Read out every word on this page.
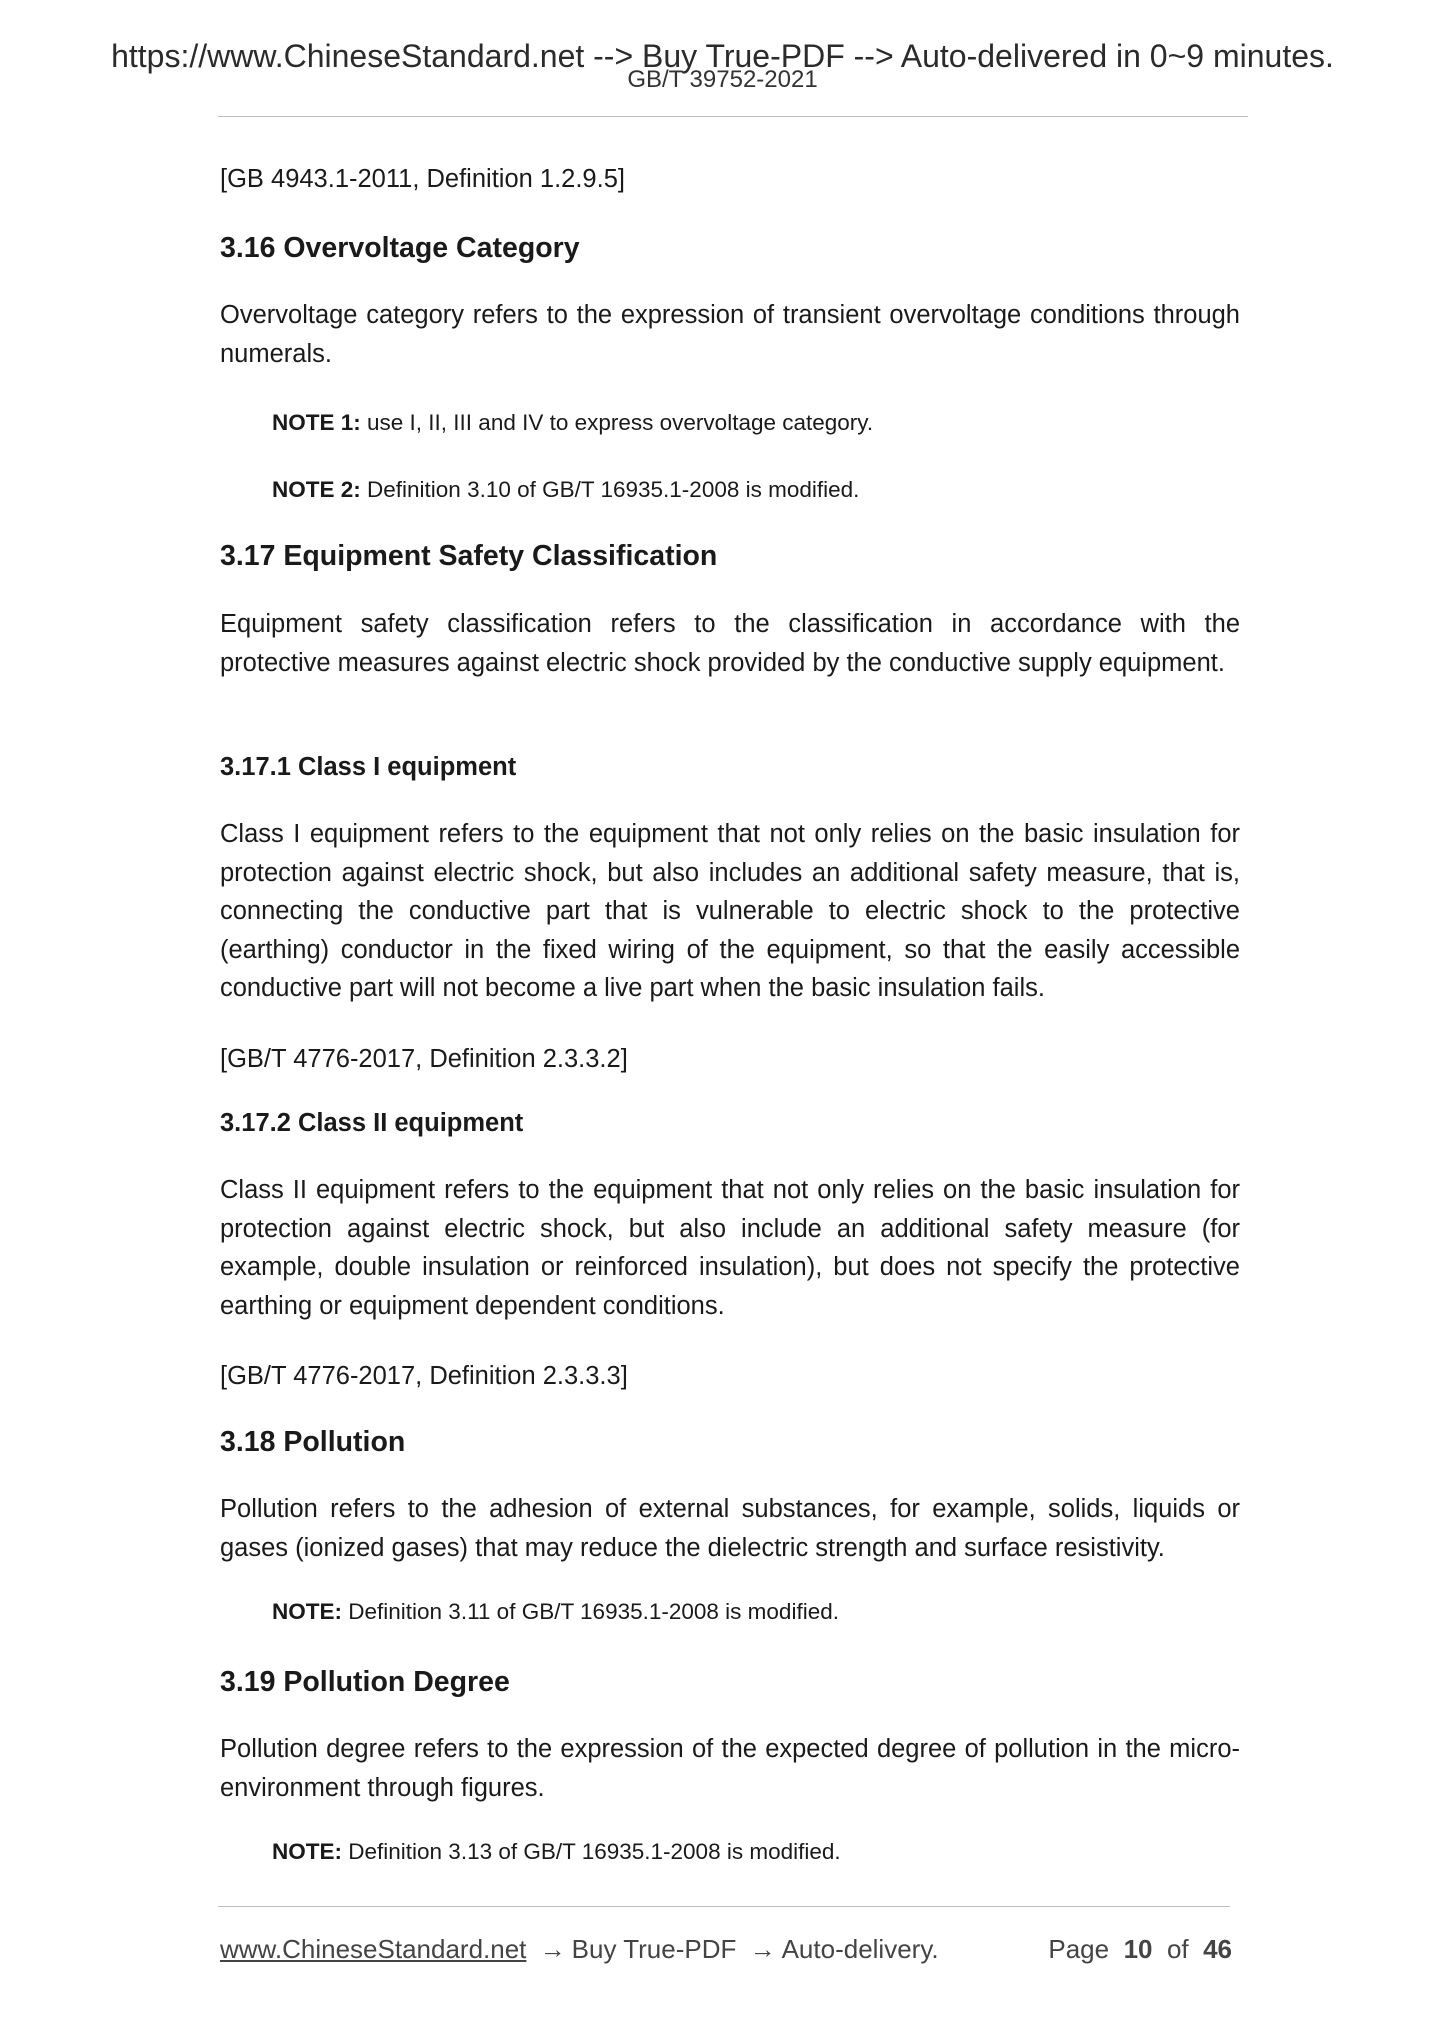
https://www.ChineseStandard.net --> Buy True-PDF --> Auto-delivered in 0~9 minutes.
GB/T 39752-2021

[GB 4943.1-2011, Definition 1.2.9.5]

3.16 Overvoltage Category

Overvoltage category refers to the expression of transient overvoltage conditions through numerals.

NOTE 1: use I, II, III and IV to express overvoltage category.
NOTE 2: Definition 3.10 of GB/T 16935.1-2008 is modified.
3.17 Equipment Safety Classification

Equipment safety classification refers to the classification in accordance with the protective measures against electric shock provided by the conductive supply equipment.

3.17.1 Class I equipment

Class I equipment refers to the equipment that not only relies on the basic insulation for protection against electric shock, but also includes an additional safety measure, that is, connecting the conductive part that is vulnerable to electric shock to the protective (earthing) conductor in the fixed wiring of the equipment, so that the easily accessible conductive part will not become a live part when the basic insulation fails.

[GB/T 4776-2017, Definition 2.3.3.2]

3.17.2 Class II equipment

Class II equipment refers to the equipment that not only relies on the basic insulation for protection against electric shock, but also include an additional safety measure (for example, double insulation or reinforced insulation), but does not specify the protective earthing or equipment dependent conditions.

[GB/T 4776-2017, Definition 2.3.3.3]

3.18 Pollution

Pollution refers to the adhesion of external substances, for example, solids, liquids or gases (ionized gases) that may reduce the dielectric strength and surface resistivity.

NOTE: Definition 3.11 of GB/T 16935.1-2008 is modified.
3.19 Pollution Degree

Pollution degree refers to the expression of the expected degree of pollution in the micro-environment through figures.

NOTE: Definition 3.13 of GB/T 16935.1-2008 is modified.
www.ChineseStandard.net → Buy True-PDF → Auto-delivery.	Page 10 of 46
